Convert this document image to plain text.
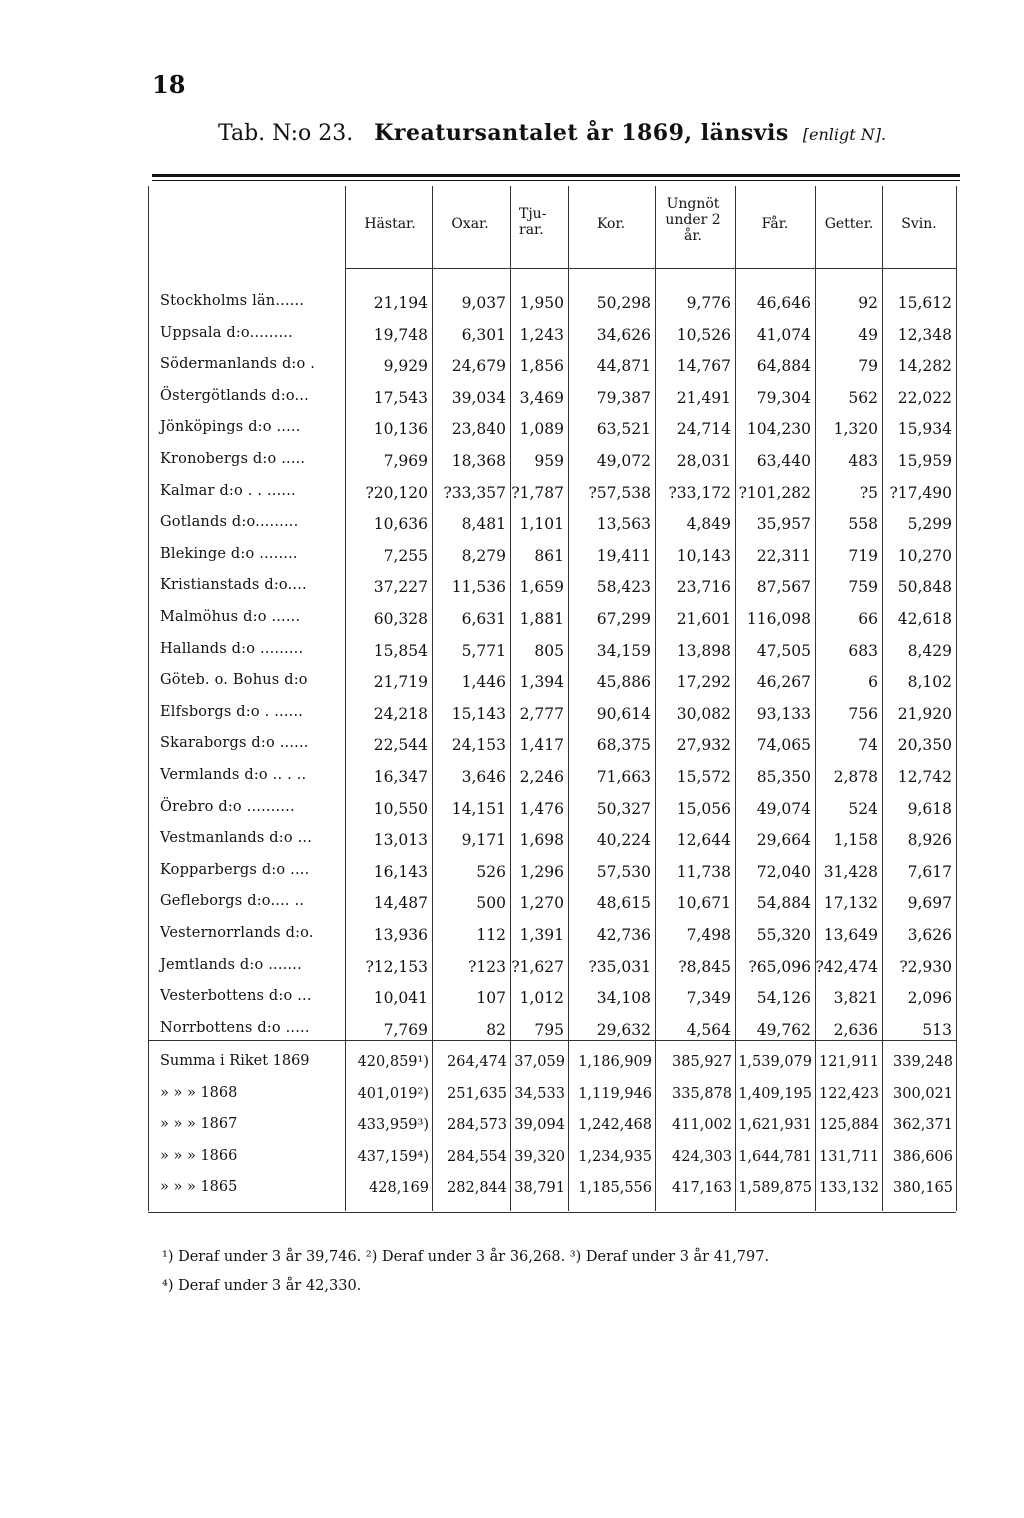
18
Tab. N:o 23. Kreatursantalet år 1869, länsvis [enligt N].
Hästar.	Oxar.
Tju-rar.	Kor.
Ungnöt under 2 år.
Får.	Getter.	Svin.
Stockholms län......	21,194 9,037 1,950 50,298 9,776 46,646	92 15,612
Uppsala d:o.........	19,748 6,301 1,243 34,626 10,526 41,074	49 12,348
Södermanlands d:o .	9,929 24,679 1,856 44,871 14,767 64,884	79 14,282
Östergötlands d:o...	17,543 39,034 3,469 79,387 21,491 79,304 562 22,022
Jönköpings d:o .....	10,136 23,840 1,089 63,521 24,714 104,230 1,320 15,934
Kronobergs d:o .....	7,969 18,368 959 49,072 28,031 63,440 483 15,959
Kalmar d:o . . ......	?20,120 ?33,357 ?1,787 ?57,538 ?33,172 ?101,282	?5 ?17,490
Gotlands d:o.........	10,636 8,481 1,101 13,563 4,849 35,957 558 5,299
Blekinge d:o ........	7,255 8,279 861 19,411 10,143 22,311 719 10,270
Kristianstads d:o....	37,227 11,536 1,659 58,423 23,716 87,567 759 50,848
Malmöhus d:o ......	60,328 6,631 1,881 67,299 21,601 116,098	66 42,618
Hallands d:o .........	15,854 5,771 805 34,159 13,898 47,505 683 8,429
Göteb. o. Bohus d:o	21,719 1,446 1,394 45,886 17,292 46,267	6 8,102
Elfsborgs d:o . ......	24,218 15,143 2,777 90,614 30,082 93,133 756 21,920
Skaraborgs d:o ......	22,544 24,153 1,417 68,375 27,932 74,065	74 20,350
Vermlands d:o .. . ..	16,347 3,646 2,246 71,663 15,572 85,350 2,878 12,742
Örebro d:o ..........	10,550 14,151 1,476 50,327 15,056 49,074 524 9,618
Vestmanlands d:o ...	13,013 9,171 1,698 40,224 12,644 29,664 1,158 8,926
Kopparbergs d:o ....	16,143	526 1,296 57,530 11,738 72,040 31,428 7,617
Gefleborgs d:o.... ..	14,487	500 1,270 48,615 10,671 54,884 17,132 9,697
Vesternorrlands d:o.	13,936	112 1,391 42,736 7,498 55,320 13,649 3,626
Jemtlands d:o .......	?12,153	?123 ?1,627 ?35,031 ?8,845 ?65,096 ?42,474 ?2,930
Vesterbottens d:o ...	10,041	107 1,012 34,108 7,349 54,126 3,821 2,096
Norrbottens d:o .....	7,769	82 795 29,632 4,564 49,762 2,636	513
Summa i Riket 1869	420,859¹) 264,474 37,059 1,186,909 385,927 1,539,079 121,911 339,248
» » » 1868	401,019²) 251,635 34,533 1,119,946 335,878 1,409,195 122,423 300,021
» » » 1867	433,959³) 284,573 39,094 1,242,468 411,002 1,621,931 125,884 362,371
» » » 1866	437,159⁴) 284,554 39,320 1,234,935 424,303 1,644,781 131,711 386,606
» » » 1865	428,169 282,844 38,791 1,185,556 417,163 1,589,875 133,132 380,165
¹) Deraf under 3 år 39,746. ²) Deraf under 3 år 36,268. ³) Deraf under 3 år 41,797.
⁴) Deraf under 3 år 42,330.
